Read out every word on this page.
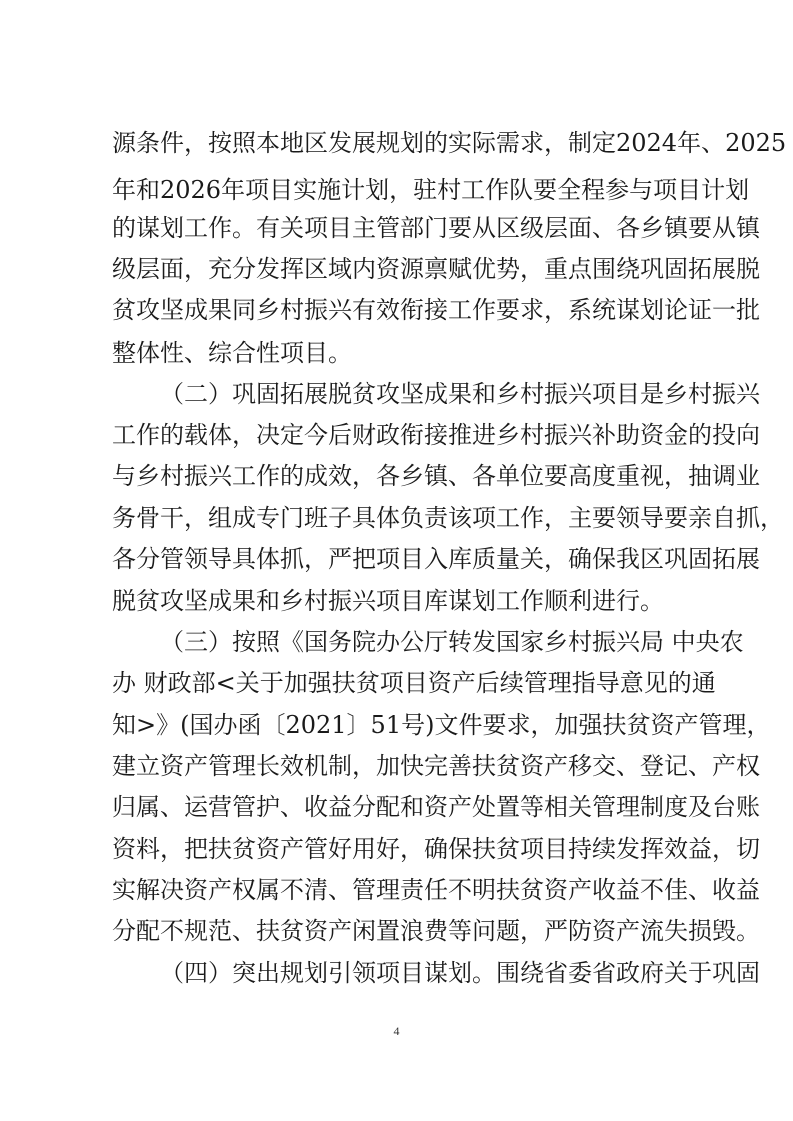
源条件，按照本地区发展规划的实际需求，制定2024年、2025
年和2026年项目实施计划，驻村工作队要全程参与项目计划
的谋划工作。有关项目主管部门要从区级层面、各乡镇要从镇
级层面，充分发挥区域内资源禀赋优势，重点围绕巩固拓展脱
贫攻坚成果同乡村振兴有效衔接工作要求，系统谋划论证一批
整体性、综合性项目。
（二）巩固拓展脱贫攻坚成果和乡村振兴项目是乡村振兴
工作的载体，决定今后财政衔接推进乡村振兴补助资金的投向
与乡村振兴工作的成效，各乡镇、各单位要高度重视，抽调业
务骨干，组成专门班子具体负责该项工作，主要领导要亲自抓，
各分管领导具体抓，严把项目入库质量关，确保我区巩固拓展
脱贫攻坚成果和乡村振兴项目库谋划工作顺利进行。
（三）按照《国务院办公厅转发国家乡村振兴局 中央农
办 财政部<关于加强扶贫项目资产后续管理指导意见的通
知>》(国办函〔2021〕51号)文件要求，加强扶贫资产管理，
建立资产管理长效机制，加快完善扶贫资产移交、登记、产权
归属、运营管护、收益分配和资产处置等相关管理制度及台账
资料，把扶贫资产管好用好，确保扶贫项目持续发挥效益，切
实解决资产权属不清、管理责任不明扶贫资产收益不佳、收益
分配不规范、扶贫资产闲置浪费等问题，严防资产流失损毁。
（四）突出规划引领项目谋划。围绕省委省政府关于巩固
4
